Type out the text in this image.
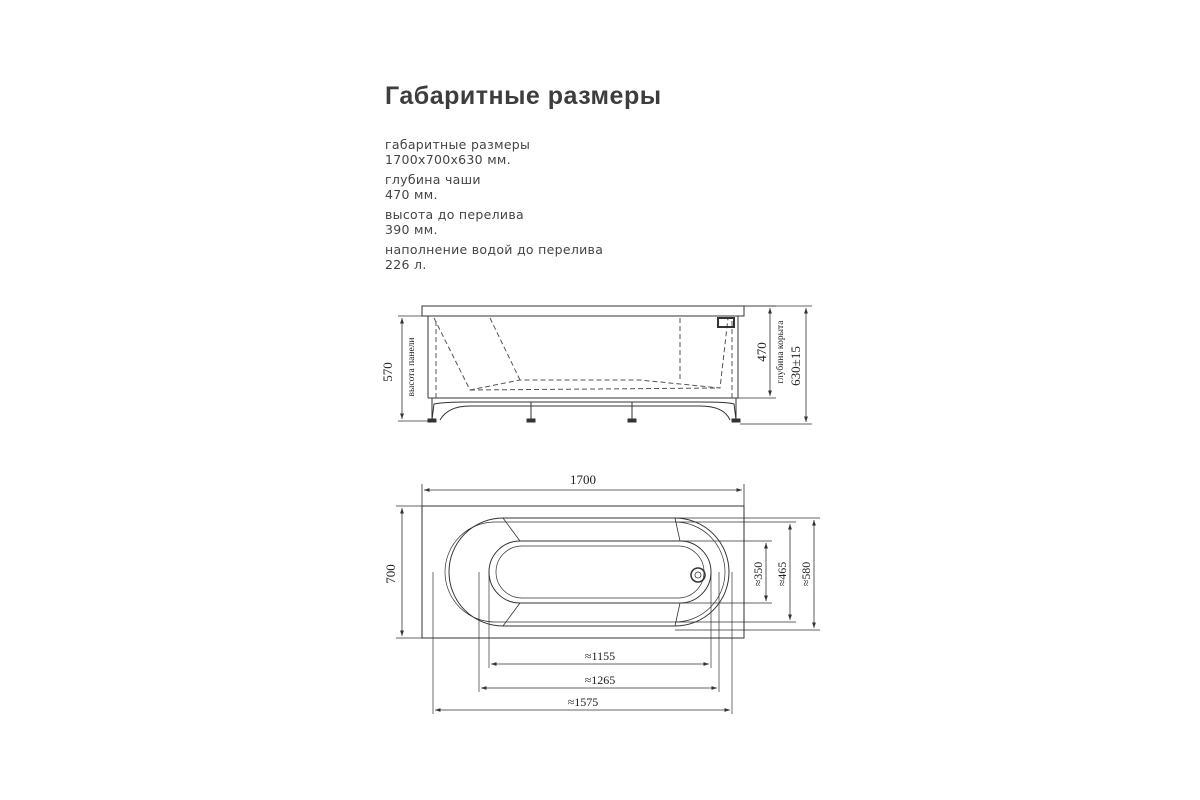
Габаритные размеры
габаритные размеры
1700x700x630 мм.
глубина чаши
470 мм.
высота до перелива
390 мм.
наполнение водой до перелива
226 л.
570 высота панели	470 глубина корыта 630±15
1700
700	≈350 ≈465 ≈580
≈1155
≈1265
≈1575
